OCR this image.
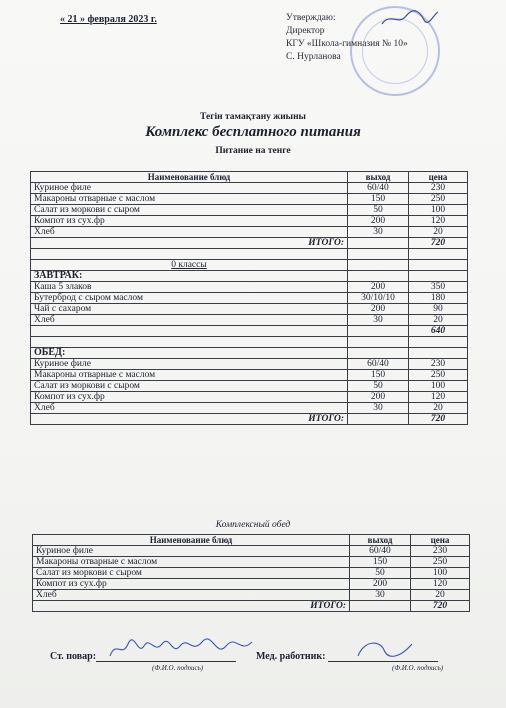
« 21 » февраля 2023 г.	Утверждаю:
Директор
КГУ «Школа-гимназия № 10»
С. Нурланова
Тегін тамақтану жиыны
Комплекс бесплатного питания
Питание на тенге
Наименование блюд	выход	цена
Куриное филе	60/40	230
Макароны отварные с маслом	150	250
Салат из моркови с сыром	50	100
Компот из сух.фр	200	120
Хлеб	30	20
ИТОГО:		720

0 классы		
ЗАВТРАК:		
Каша 5 злаков	200	350
Бутерброд с сыром маслом	30/10/10	180
Чай с сахаром	200	90
Хлеб	30	20
		640

ОБЕД:		
Куриное филе	60/40	230
Макароны отварные с маслом	150	250
Салат из моркови с сыром	50	100
Компот из сух.фр	200	120
Хлеб	30	20
ИТОГО:		720
Комплексный обед
Наименование блюд	выход	цена
Куриное филе	60/40	230
Макароны отварные с маслом	150	250
Салат из моркови с сыром	50	100
Компот из сух.фр	200	120
Хлеб	30	20
ИТОГО:		720
Ст. повар:
(Ф.И.О. подпись)
Мед. работник:
(Ф.И.О. подпись)
